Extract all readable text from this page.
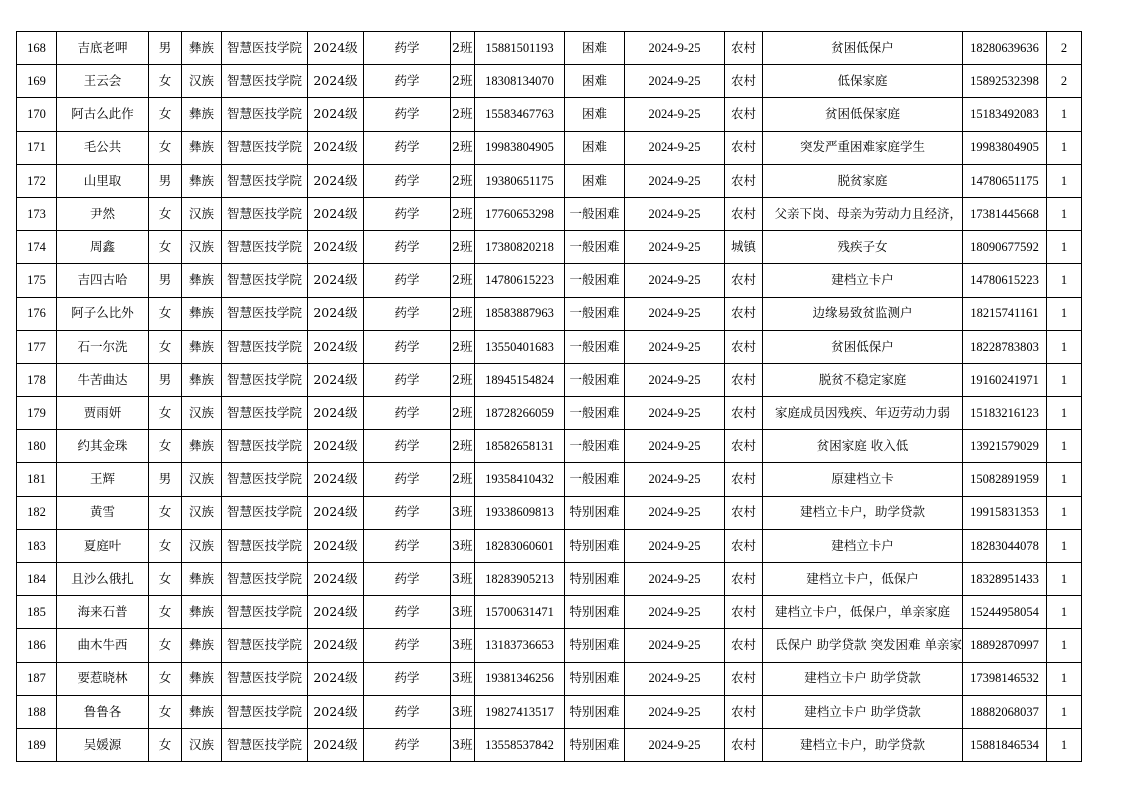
168	吉底老呷	男	彝族	智慧医技学院	2024级	药学	2班	15881501193	困难	2024-9-25	农村	贫困低保户	18280639636	2
169	王云会	女	汉族	智慧医技学院	2024级	药学	2班	18308134070	困难	2024-9-25	农村	低保家庭	15892532398	2
170	阿古么此作	女	彝族	智慧医技学院	2024级	药学	2班	15583467763	困难	2024-9-25	农村	贫困低保家庭	15183492083	1
171	毛公共	女	彝族	智慧医技学院	2024级	药学	2班	19983804905	困难	2024-9-25	农村	突发严重困难家庭学生	19983804905	1
172	山里取	男	彝族	智慧医技学院	2024级	药学	2班	19380651175	困难	2024-9-25	农村	脱贫家庭	14780651175	1
173	尹然	女	汉族	智慧医技学院	2024级	药学	2班	17760653298	一般困难	2024-9-25	农村	，父亲下岗、母亲为劳动力且经济	17381445668	1
174	周鑫	女	汉族	智慧医技学院	2024级	药学	2班	17380820218	一般困难	2024-9-25	城镇	残疾子女	18090677592	1
175	吉四古哈	男	彝族	智慧医技学院	2024级	药学	2班	14780615223	一般困难	2024-9-25	农村	建档立卡户	14780615223	1
176	阿子么比外	女	彝族	智慧医技学院	2024级	药学	2班	18583887963	一般困难	2024-9-25	农村	边缘易致贫监测户	18215741161	1
177	石一尔洗	女	彝族	智慧医技学院	2024级	药学	2班	13550401683	一般困难	2024-9-25	农村	贫困低保户	18228783803	1
178	牛苦曲达	男	彝族	智慧医技学院	2024级	药学	2班	18945154824	一般困难	2024-9-25	农村	脱贫不稳定家庭	19160241971	1
179	贾雨妍	女	汉族	智慧医技学院	2024级	药学	2班	18728266059	一般困难	2024-9-25	农村	家庭成员因残疾、年迈劳动力弱	15183216123	1
180	约其金珠	女	彝族	智慧医技学院	2024级	药学	2班	18582658131	一般困难	2024-9-25	农村	贫困家庭 收入低	13921579029	1
181	王辉	男	汉族	智慧医技学院	2024级	药学	2班	19358410432	一般困难	2024-9-25	农村	原建档立卡	15082891959	1
182	黄雪	女	汉族	智慧医技学院	2024级	药学	3班	19338609813	特别困难	2024-9-25	农村	建档立卡户，助学贷款	19915831353	1
183	夏庭叶	女	汉族	智慧医技学院	2024级	药学	3班	18283060601	特别困难	2024-9-25	农村	建档立卡户	18283044078	1
184	且沙么俄扎	女	彝族	智慧医技学院	2024级	药学	3班	18283905213	特别困难	2024-9-25	农村	建档立卡户，低保户	18328951433	1
185	海来石普	女	彝族	智慧医技学院	2024级	药学	3班	15700631471	特别困难	2024-9-25	农村	建档立卡户，低保户，单亲家庭	15244958054	1
186	曲木牛西	女	彝族	智慧医技学院	2024级	药学	3班	13183736653	特别困难	2024-9-25	农村	氐保户 助学贷款 突发困难 单亲家	18892870997	1
187	要惹晓林	女	彝族	智慧医技学院	2024级	药学	3班	19381346256	特别困难	2024-9-25	农村	建档立卡户 助学贷款	17398146532	1
188	鲁鲁各	女	彝族	智慧医技学院	2024级	药学	3班	19827413517	特别困难	2024-9-25	农村	建档立卡户 助学贷款	18882068037	1
189	吴媛源	女	汉族	智慧医技学院	2024级	药学	3班	13558537842	特别困难	2024-9-25	农村	建档立卡户，助学贷款	15881846534	1
